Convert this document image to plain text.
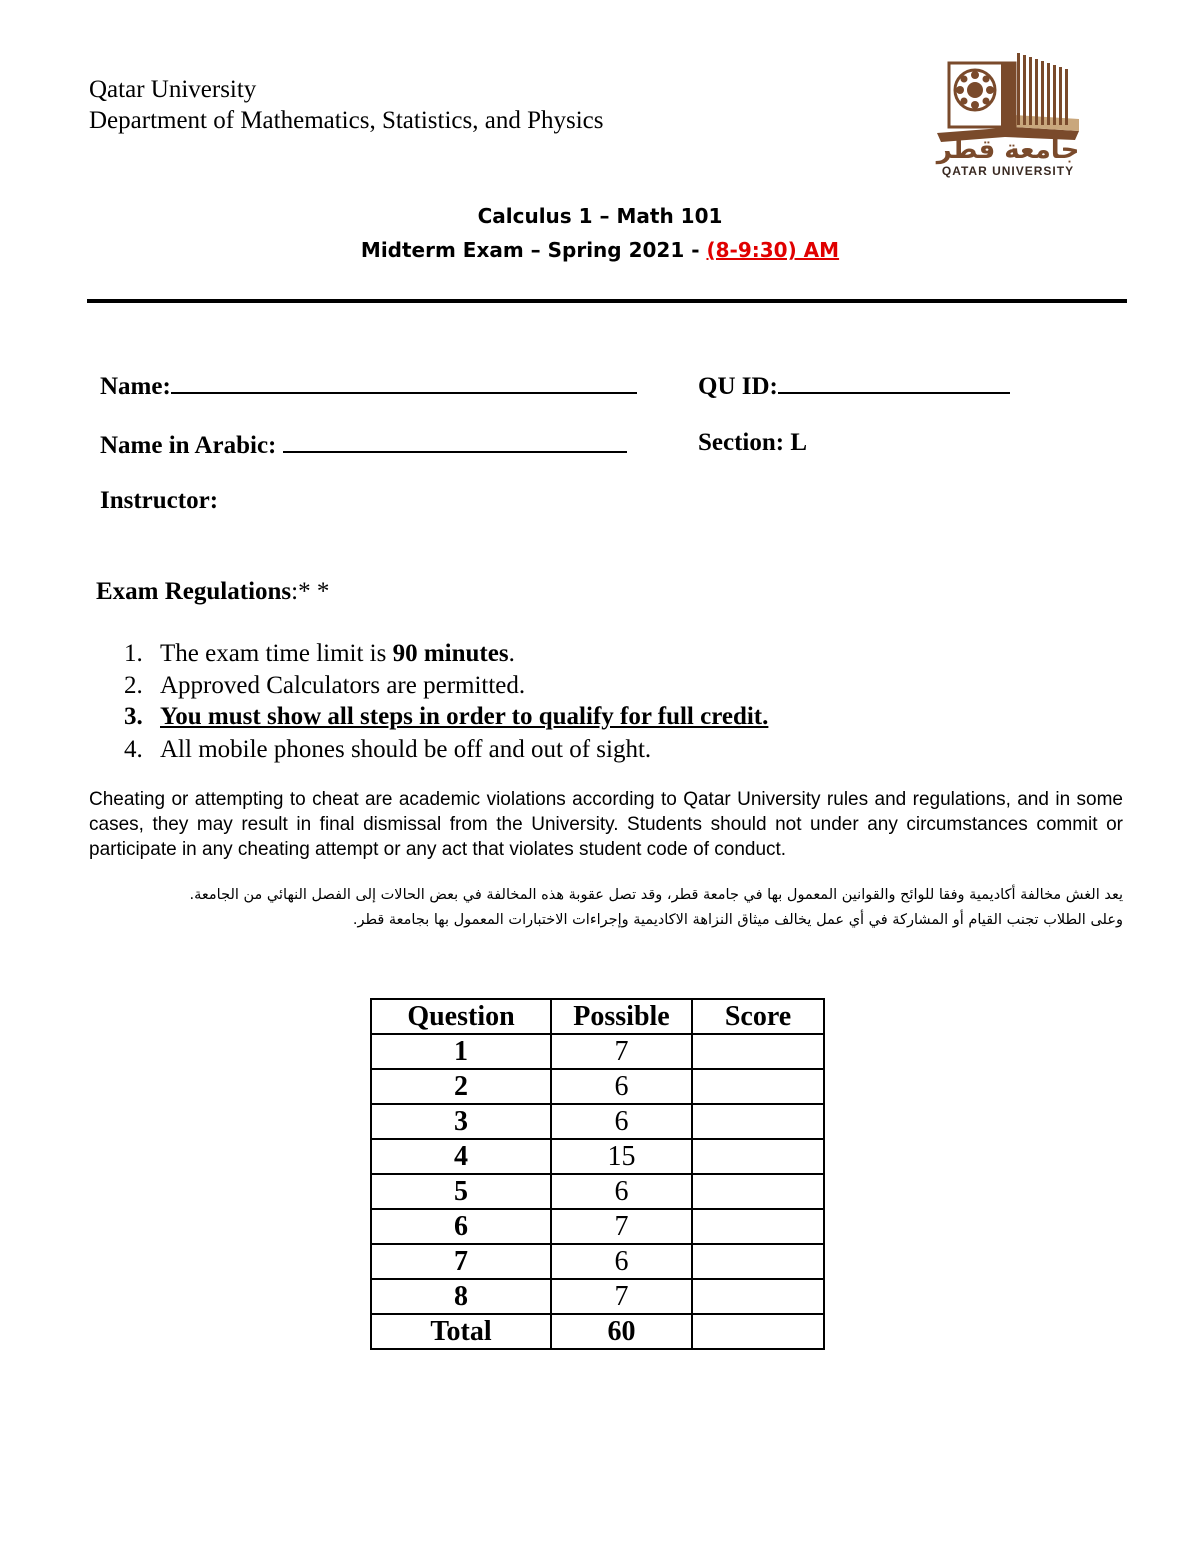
Qatar University
Department of Mathematics, Statistics, and Physics
جامعة قطر
QATAR UNIVERSITY
Calculus 1 – Math 101
Midterm Exam – Spring 2021 - (8-9:30) AM
Name:	QU ID:
Name in Arabic:	Section: L
Instructor:
Exam Regulations:* *
1. The exam time limit is 90 minutes.
2. Approved Calculators are permitted.
3. You must show all steps in order to qualify for full credit.
4. All mobile phones should be off and out of sight.
Cheating or attempting to cheat are academic violations according to Qatar University rules and regulations, and in some cases, they may result in final dismissal from the University. Students should not under any circumstances commit or participate in any cheating attempt or any act that violates student code of conduct.
يعد الغش مخالفة أكاديمية وفقا للوائح والقوانين المعمول بها في جامعة قطر، وقد تصل عقوبة هذه المخالفة في بعض الحالات إلى الفصل النهائي من الجامعة.
وعلى الطلاب تجنب القيام أو المشاركة في أي عمل يخالف ميثاق النزاهة الاكاديمية وإجراءات الاختبارات المعمول بها بجامعة قطر.
Question	Possible	Score
1	7	
2	6	
3	6	
4	15	
5	6	
6	7	
7	6	
8	7	
Total	60	
